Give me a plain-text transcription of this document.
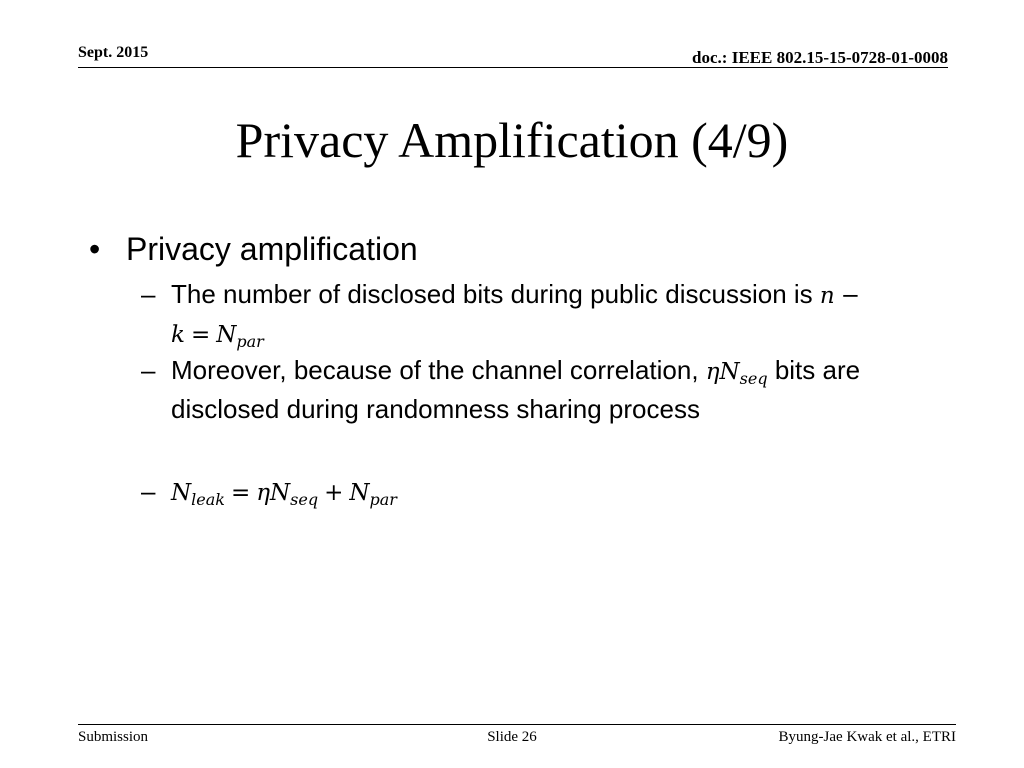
Sept. 2015	doc.: IEEE 802.15-15-0728-01-0008
Privacy Amplification (4/9)
• Privacy amplification
– The number of disclosed bits during public discussion is n −
$k = N_{par}$
– Moreover, because of the channel correlation, $\eta N_{seq}$ bits are
disclosed during randomness sharing process
– $N_{leak} = \eta N_{seq} + N_{par}$
Submission	Slide 26	Byung-Jae Kwak et al., ETRI
